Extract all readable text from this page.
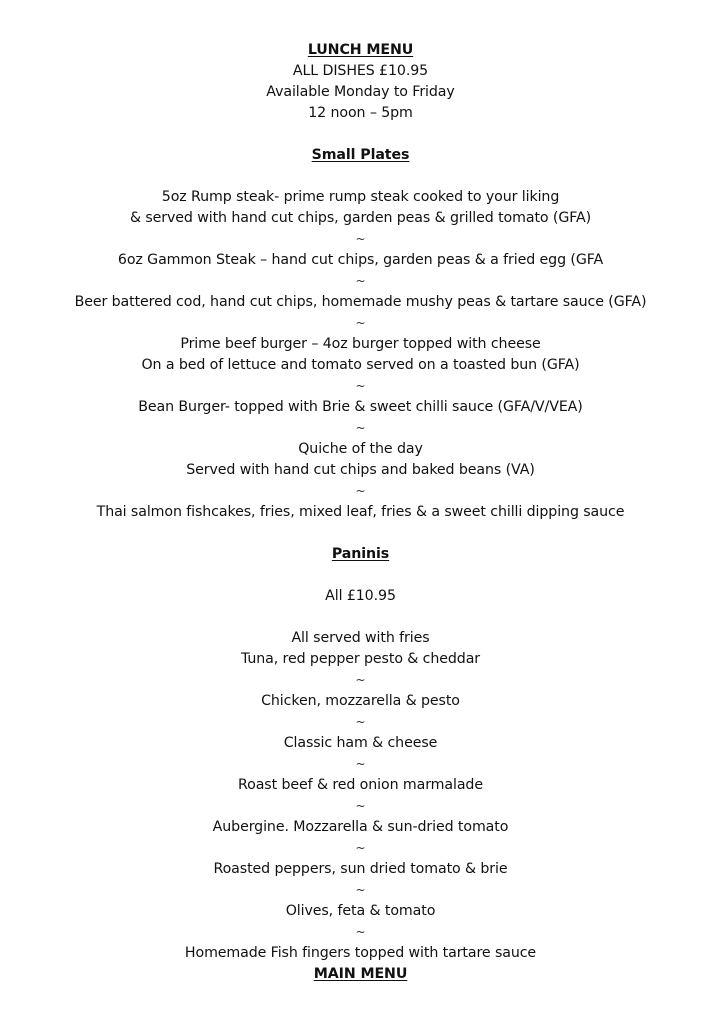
LUNCH MENU
ALL DISHES £10.95
Available Monday to Friday
12 noon – 5pm
Small Plates
5oz Rump steak- prime rump steak cooked to your liking
& served with hand cut chips, garden peas & grilled tomato (GFA)
~
6oz Gammon Steak – hand cut chips, garden peas & a fried egg (GFA
~
Beer battered cod, hand cut chips, homemade mushy peas & tartare sauce (GFA)
~
Prime beef burger – 4oz burger topped with cheese
On a bed of lettuce and tomato served on a toasted bun (GFA)
~
Bean Burger- topped with Brie & sweet chilli sauce (GFA/V/VEA)
~
Quiche of the day
Served with hand cut chips and baked beans (VA)
~
Thai salmon fishcakes, fries, mixed leaf, fries & a sweet chilli dipping sauce
Paninis
All £10.95
All served with fries
Tuna, red pepper pesto & cheddar
~
Chicken, mozzarella & pesto
~
Classic ham & cheese
~
Roast beef & red onion marmalade
~
Aubergine. Mozzarella & sun-dried tomato
~
Roasted peppers, sun dried tomato & brie
~
Olives, feta & tomato
~
Homemade Fish fingers topped with tartare sauce
MAIN MENU
